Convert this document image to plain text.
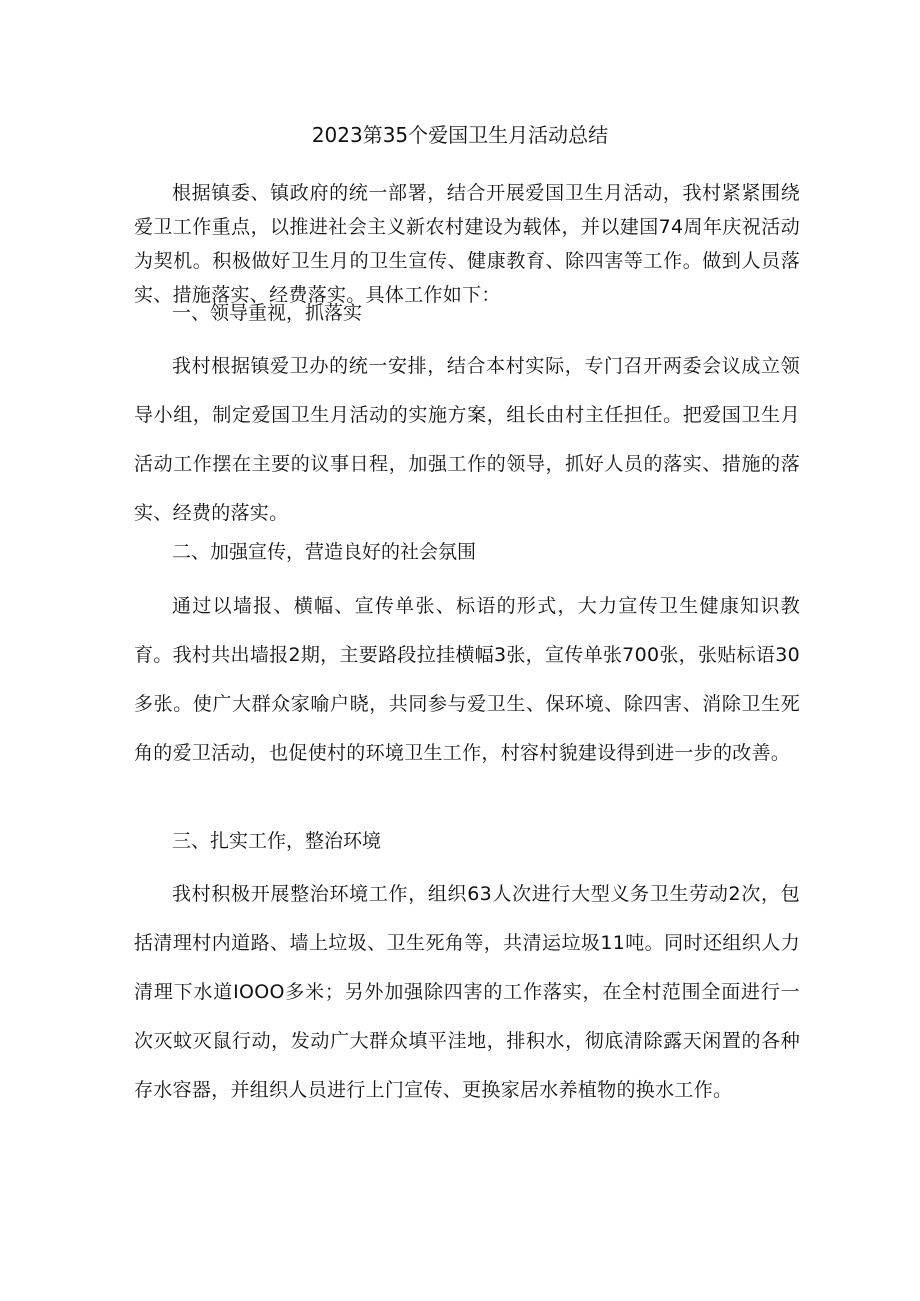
2023第35个爱国卫生月活动总结

根据镇委、镇政府的统一部署，结合开展爱国卫生月活动，我村紧紧围绕爱卫工作重点，以推进社会主义新农村建设为载体，并以建国74周年庆祝活动为契机。积极做好卫生月的卫生宣传、健康教育、除四害等工作。做到人员落实、措施落实、经费落实。具体工作如下：

一、领导重视，抓落实

我村根据镇爱卫办的统一安排，结合本村实际，专门召开两委会议成立领导小组，制定爱国卫生月活动的实施方案，组长由村主任担任。把爱国卫生月活动工作摆在主要的议事日程，加强工作的领导，抓好人员的落实、措施的落实、经费的落实。

二、加强宣传，营造良好的社会氛围

通过以墙报、横幅、宣传单张、标语的形式，大力宣传卫生健康知识教育。我村共出墙报2期，主要路段拉挂横幅3张，宣传单张700张，张贴标语30多张。使广大群众家喻户晓，共同参与爱卫生、保环境、除四害、消除卫生死角的爱卫活动，也促使村的环境卫生工作，村容村貌建设得到进一步的改善。

三、扎实工作，整治环境

我村积极开展整治环境工作，组织63人次进行大型义务卫生劳动2次，包括清理村内道路、墙上垃圾、卫生死角等，共清运垃圾11吨。同时还组织人力清理下水道IOOO多米；另外加强除四害的工作落实，在全村范围全面进行一次灭蚊灭鼠行动，发动广大群众填平洼地，排积水，彻底清除露天闲置的各种存水容器，并组织人员进行上门宣传、更换家居水养植物的换水工作。
